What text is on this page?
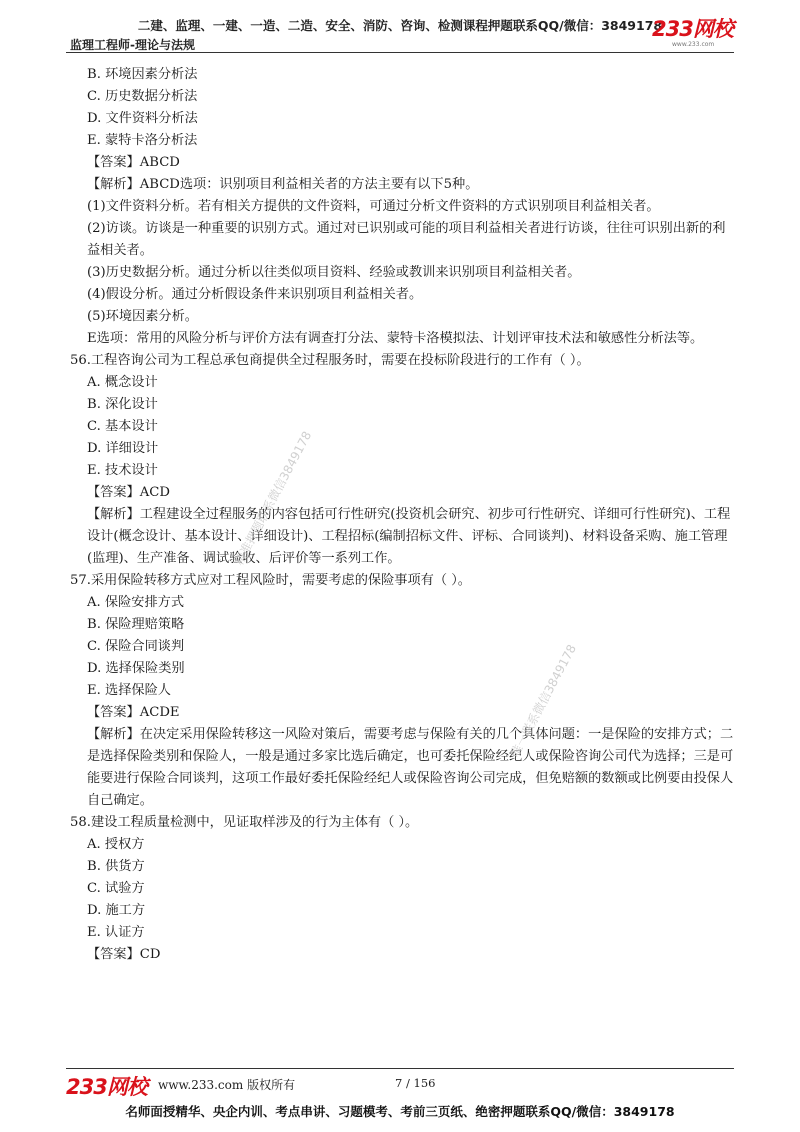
二建、监理、一建、一造、二造、安全、消防、咨询、检测课程押题联系QQ/微信：3849178
监理工程师-理论与法规
233网校
www.233.com
B. 环境因素分析法
C. 历史数据分析法
D. 文件资料分析法
E. 蒙特卡洛分析法
【答案】ABCD
【解析】ABCD选项：识别项目利益相关者的方法主要有以下5种。
(1)文件资料分析。若有相关方提供的文件资料，可通过分析文件资料的方式识别项目利益相关者。
(2)访谈。访谈是一种重要的识别方式。通过对已识别或可能的项目利益相关者进行访谈，往往可识别出新的利益相关者。
(3)历史数据分析。通过分析以往类似项目资料、经验或教训来识别项目利益相关者。
(4)假设分析。通过分析假设条件来识别项目利益相关者。
(5)环境因素分析。
E选项：常用的风险分析与评价方法有调查打分法、蒙特卡洛模拟法、计划评审技术法和敏感性分析法等。
56.工程咨询公司为工程总承包商提供全过程服务时，需要在投标阶段进行的工作有（ ）。
A. 概念设计
B. 深化设计
C. 基本设计
D. 详细设计
E. 技术设计
【答案】ACD
【解析】工程建设全过程服务的内容包括可行性研究(投资机会研究、初步可行性研究、详细可行性研究)、工程设计(概念设计、基本设计、详细设计)、工程招标(编制招标文件、评标、合同谈判)、材料设备采购、施工管理(监理)、生产准备、调试验收、后评价等一系列工作。
57.采用保险转移方式应对工程风险时，需要考虑的保险事项有（ ）。
A. 保险安排方式
B. 保险理赔策略
C. 保险合同谈判
D. 选择保险类别
E. 选择保险人
【答案】ACDE
【解析】在决定采用保险转移这一风险对策后，需要考虑与保险有关的几个具体问题：一是保险的安排方式；二是选择保险类别和保险人，一般是通过多家比选后确定，也可委托保险经纪人或保险咨询公司代为选择；三是可能要进行保险合同谈判，这项工作最好委托保险经纪人或保险咨询公司完成，但免赔额的数额或比例要由投保人自己确定。
58.建设工程质量检测中，见证取样涉及的行为主体有（ ）。
A. 授权方
B. 供货方
C. 试验方
D. 施工方
E. 认证方
【答案】CD
精准押题联系微信3849178
唯一联系微信3849178
233网校 www.233.com 版权所有	7 / 156
名师面授精华、央企内训、考点串讲、习题模考、考前三页纸、绝密押题联系QQ/微信：3849178
